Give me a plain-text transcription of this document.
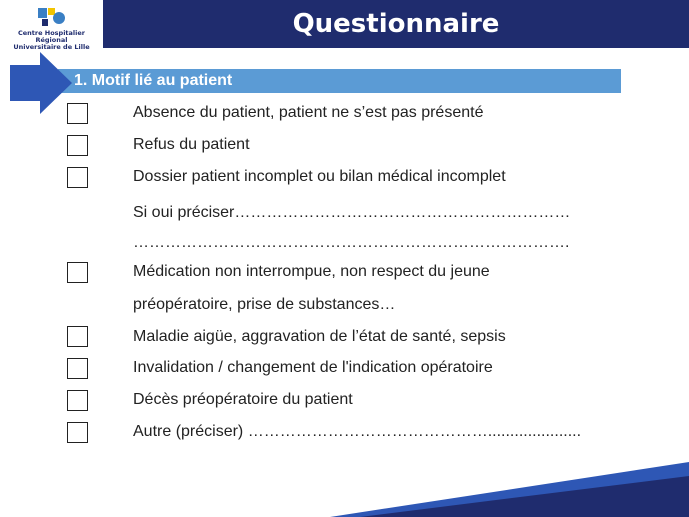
Centre Hospitalier Régional
Universitaire de Lille
Questionnaire
1. Motif lié au patient
Absence du patient, patient ne s’est pas présenté
Refus du patient
Dossier patient incomplet ou bilan médical incomplet
Si oui préciser………………………………………………………
……………………………………………………………………….
Médication non interrompue, non respect du jeune
préopératoire, prise de substances…
Maladie aigüe, aggravation de l’état de santé, sepsis
Invalidation / changement de l'indication opératoire
Décès préopératoire du patient
Autre (préciser) ……………………………………….....................
